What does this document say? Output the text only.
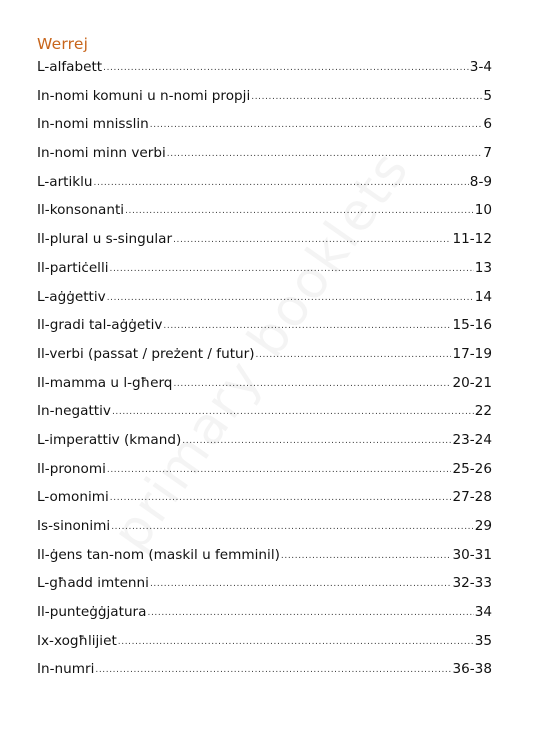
Werrej
L-alfabett .....	3-4
In-nomi komuni u n-nomi propji .....	5
In-nomi mnisslin .....	6
In-nomi minn verbi .....	7
L-artiklu .....	8-9
Il-konsonanti .....	10
Il-plural u s-singular .....	11-12
Il-partiċelli .....	13
L-aġġettiv .....	14
Il-gradi tal-aġġetiv .....	15-16
Il-verbi (passat / preżent / futur) .....	17-19
Il-mamma u l-għerq .....	20-21
In-negattiv .....	22
L-imperattiv (kmand) .....	23-24
Il-pronomi .....	25-26
L-omonimi .....	27-28
Is-sinonimi .....	29
Il-ġens tan-nom (maskil u femminil) .....	30-31
L-għadd imtenni .....	32-33
Il-punteġġjatura .....	34
Ix-xogħlijiet .....	35
In-numri .....	36-38
